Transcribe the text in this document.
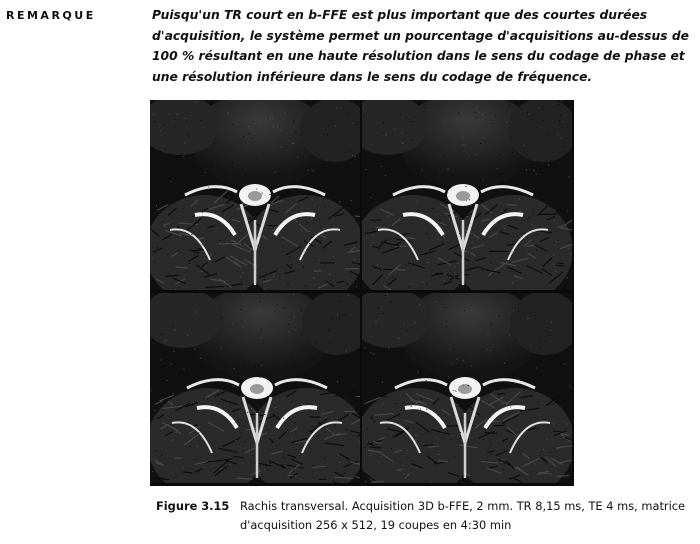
REMARQUE	Puisqu'un TR court en b-FFE est plus important que des courtes durées d'acquisition, le système permet un pourcentage d'acquisitions au-dessus de 100 % résultant en une haute résolution dans le sens du codage de phase et une résolution inférieure dans le sens du codage de fréquence.
Figure 3.15 Rachis transversal. Acquisition 3D b-FFE, 2 mm. TR 8,15 ms, TE 4 ms, matrice d'acquisition 256 x 512, 19 coupes en 4:30 min
